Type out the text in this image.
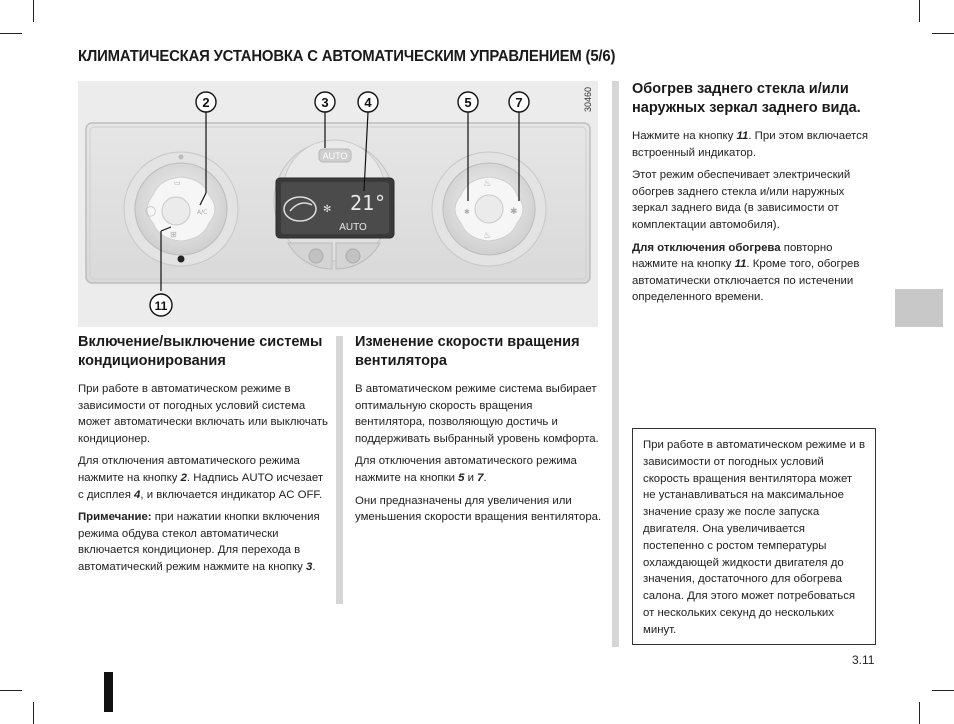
КЛИМАТИЧЕСКАЯ УСТАНОВКА С АВТОМАТИЧЕСКИМ УПРАВЛЕНИЕМ (5/6)
▭
⊞
A/C
◯
AUTO
✻ 21°
AUTO
♨
♨
✱	✱
2	3	4	5	7
11
30460
Включение/выключение системы кондиционирования

При работе в автоматическом режиме в зависимости от погодных условий система может автоматически включать или выключать кондиционер.

Для отключения автоматического режима нажмите на кнопку 2. Надпись AUTO исчезает с дисплея 4, и включается индикатор AC OFF.

Примечание: при нажатии кнопки включения режима обдува стекол автоматически включается кондиционер. Для перехода в автоматический режим нажмите на кнопку 3.

Изменение скорости вращения вентилятора

В автоматическом режиме система выбирает оптимальную скорость вращения вентилятора, позволяющую достичь и поддерживать выбранный уровень комфорта.

Для отключения автоматического режима нажмите на кнопки 5 и 7.

Они предназначены для увеличения или уменьшения скорости вращения вентилятора.

Обогрев заднего стекла и/или наружных зеркал заднего вида.

Нажмите на кнопку 11. При этом включается встроенный индикатор.

Этот режим обеспечивает электрический обогрев заднего стекла и/или наружных зеркал заднего вида (в зависимости от комплектации автомобиля).

Для отключения обогрева повторно нажмите на кнопку 11. Кроме того, обогрев автоматически отключается по истечении определенного времени.

При работе в автоматическом режиме и в зависимости от погодных условий скорость вращения вентилятора может не устанавливаться на максимальное значение сразу же после запуска двигателя. Она увеличивается постепенно с ростом температуры охлаждающей жидкости двигателя до значения, достаточного для обогрева салона. Для этого может потребоваться от нескольких секунд до нескольких минут.
3.11
